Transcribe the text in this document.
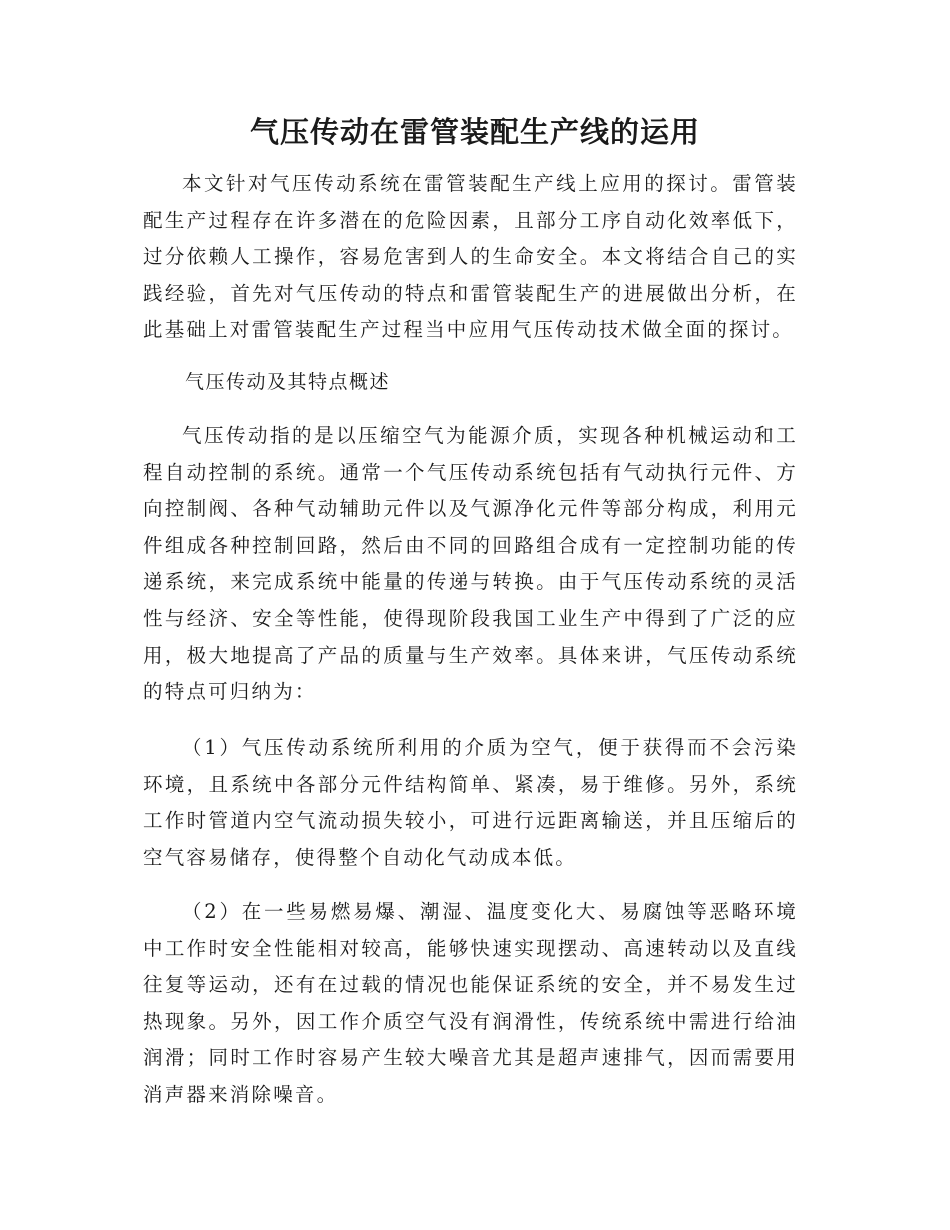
气压传动在雷管装配生产线的运用

本文针对气压传动系统在雷管装配生产线上应用的探讨。雷管装配生产过程存在许多潜在的危险因素，且部分工序自动化效率低下，过分依赖人工操作，容易危害到人的生命安全。本文将结合自己的实践经验，首先对气压传动的特点和雷管装配生产的进展做出分析，在此基础上对雷管装配生产过程当中应用气压传动技术做全面的探讨。

气压传动及其特点概述

气压传动指的是以压缩空气为能源介质，实现各种机械运动和工程自动控制的系统。通常一个气压传动系统包括有气动执行元件、方向控制阀、各种气动辅助元件以及气源净化元件等部分构成，利用元件组成各种控制回路，然后由不同的回路组合成有一定控制功能的传递系统，来完成系统中能量的传递与转换。由于气压传动系统的灵活性与经济、安全等性能，使得现阶段我国工业生产中得到了广泛的应用，极大地提高了产品的质量与生产效率。具体来讲，气压传动系统的特点可归纳为：

（1）气压传动系统所利用的介质为空气，便于获得而不会污染环境，且系统中各部分元件结构简单、紧凑，易于维修。另外，系统工作时管道内空气流动损失较小，可进行远距离输送，并且压缩后的空气容易储存，使得整个自动化气动成本低。

（2）在一些易燃易爆、潮湿、温度变化大、易腐蚀等恶略环境中工作时安全性能相对较高，能够快速实现摆动、高速转动以及直线往复等运动，还有在过载的情况也能保证系统的安全，并不易发生过热现象。另外，因工作介质空气没有润滑性，传统系统中需进行给油润滑；同时工作时容易产生较大噪音尤其是超声速排气，因而需要用消声器来消除噪音。
